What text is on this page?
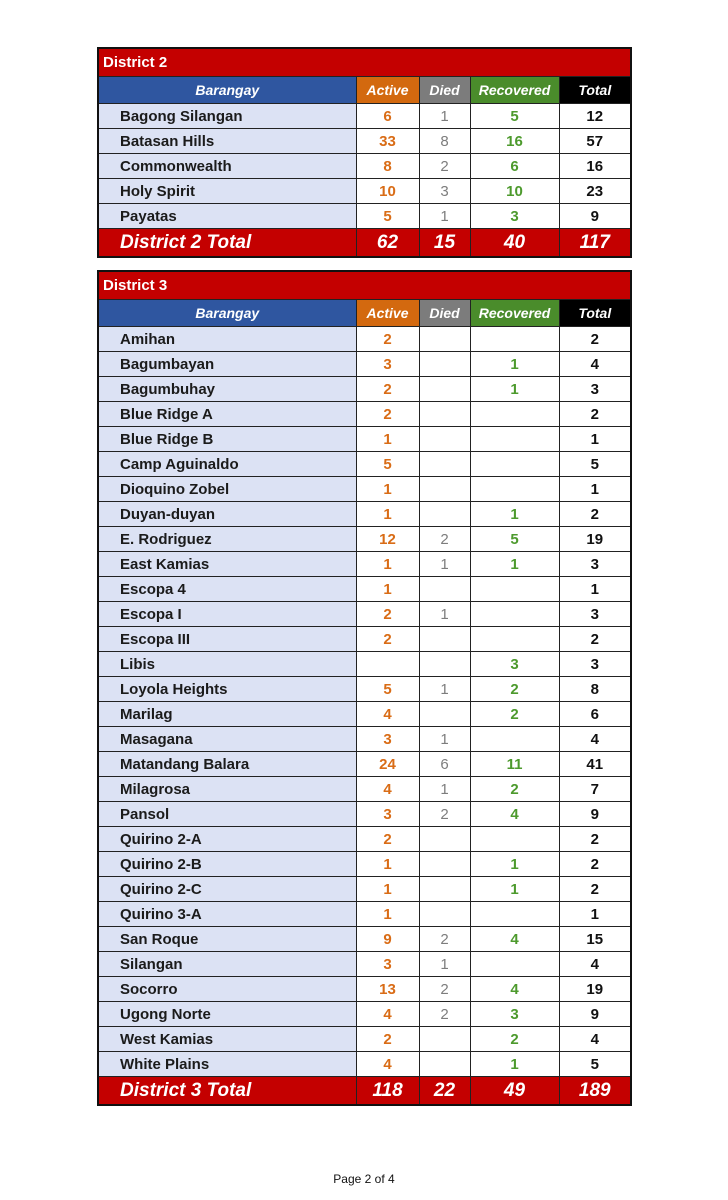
District 2				
Barangay	Active	Died	Recovered	Total
Bagong Silangan	6	1	5	12
Batasan Hills	33	8	16	57
Commonwealth	8	2	6	16
Holy Spirit	10	3	10	23
Payatas	5	1	3	9
District 2 Total	62	15	40	117
District 3				
Barangay	Active	Died	Recovered	Total
Amihan	2			2
Bagumbayan	3		1	4
Bagumbuhay	2		1	3
Blue Ridge A	2			2
Blue Ridge B	1			1
Camp Aguinaldo	5			5
Dioquino Zobel	1			1
Duyan-duyan	1		1	2
E. Rodriguez	12	2	5	19
East Kamias	1	1	1	3
Escopa 4	1			1
Escopa I	2	1		3
Escopa III	2			2
Libis			3	3
Loyola Heights	5	1	2	8
Marilag	4		2	6
Masagana	3	1		4
Matandang Balara	24	6	11	41
Milagrosa	4	1	2	7
Pansol	3	2	4	9
Quirino 2-A	2			2
Quirino 2-B	1		1	2
Quirino 2-C	1		1	2
Quirino 3-A	1			1
San Roque	9	2	4	15
Silangan	3	1		4
Socorro	13	2	4	19
Ugong Norte	4	2	3	9
West Kamias	2		2	4
White Plains	4		1	5
District 3 Total	118	22	49	189
Page 2 of 4
